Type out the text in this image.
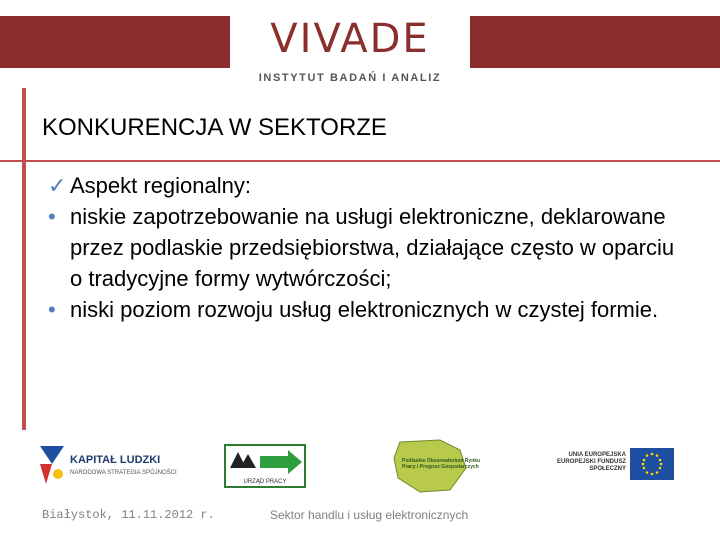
VIVADE
INSTYTUT BADAŃ I ANALIZ
KONKURENCJA W SEKTORZE
✓ Aspekt regionalny:
• niskie zapotrzebowanie na usługi elektroniczne, deklarowane przez podlaskie przedsiębiorstwa, działające często w oparciu o tradycyjne formy wytwórczości;
• niski poziom rozwoju usług elektronicznych w czystej formie.
KAPITAŁ LUDZKI
NARODOWA STRATEGIA SPÓJNOŚCI
URZĄD PRACY
Podlaskie Obserwatorium Rynku Pracy i Prognoz Gospodarczych
UNIA EUROPEJSKA EUROPEJSKI FUNDUSZ SPOŁECZNY
Białystok, 11.11.2012 r.	Sektor handlu i usług elektronicznych
